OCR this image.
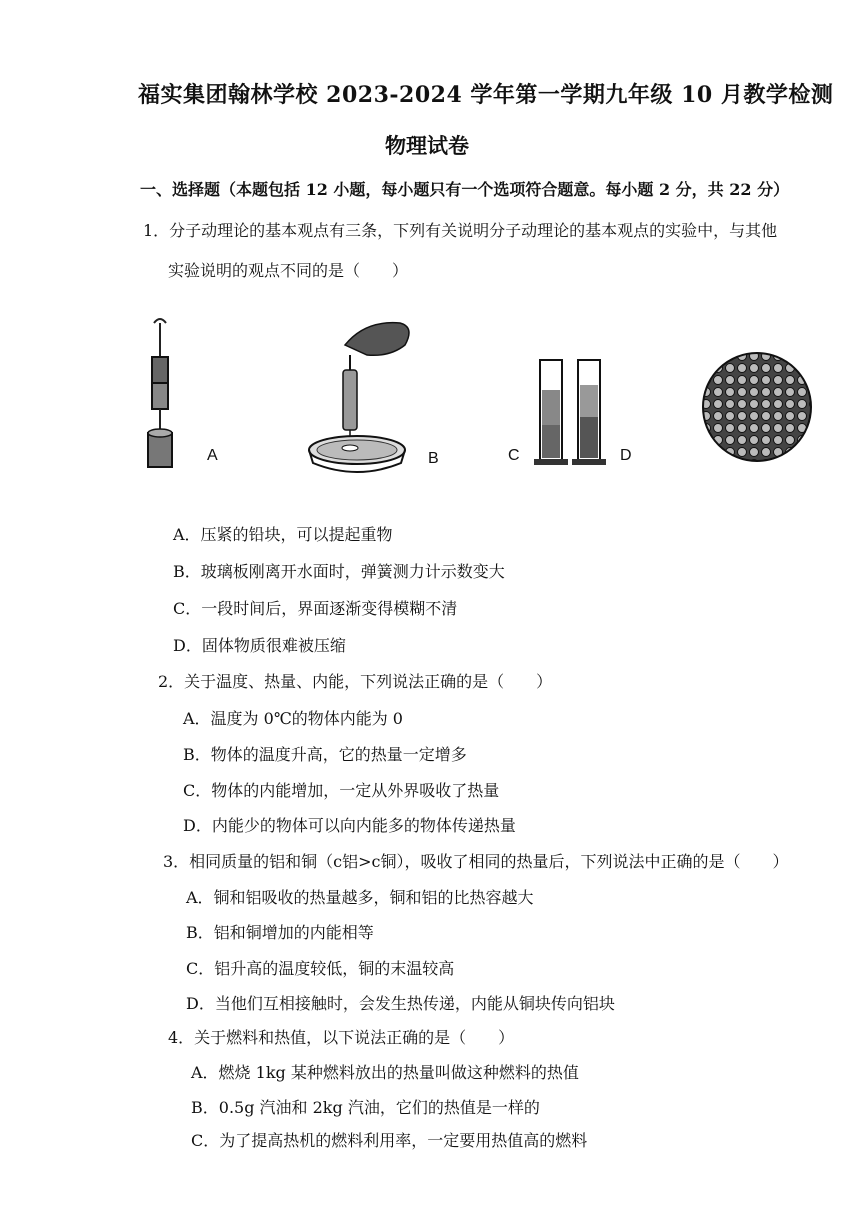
福实集团翰林学校 2023-2024 学年第一学期九年级 10 月教学检测
物理试卷
一、选择题（本题包括 12 小题，每小题只有一个选项符合题意。每小题 2 分，共 22 分）
1．分子动理论的基本观点有三条，下列有关说明分子动理论的基本观点的实验中，与其他
实验说明的观点不同的是（　　）
A	B	C	D
A．压紧的铅块，可以提起重物
B．玻璃板刚离开水面时，弹簧测力计示数变大
C．一段时间后，界面逐渐变得模糊不清
D．固体物质很难被压缩
2．关于温度、热量、内能，下列说法正确的是（　　）
A．温度为 0℃的物体内能为 0
B．物体的温度升高，它的热量一定增多
C．物体的内能增加，一定从外界吸收了热量
D．内能少的物体可以向内能多的物体传递热量
3．相同质量的铝和铜（c铝>c铜），吸收了相同的热量后，下列说法中正确的是（　　）
A．铜和铝吸收的热量越多，铜和铝的比热容越大
B．铝和铜增加的内能相等
C．铝升高的温度较低，铜的末温较高
D．当他们互相接触时，会发生热传递，内能从铜块传向铝块
4．关于燃料和热值，以下说法正确的是（　　）
A．燃烧 1kg 某种燃料放出的热量叫做这种燃料的热值
B．0.5g 汽油和 2kg 汽油，它们的热值是一样的
C．为了提高热机的燃料利用率，一定要用热值高的燃料
